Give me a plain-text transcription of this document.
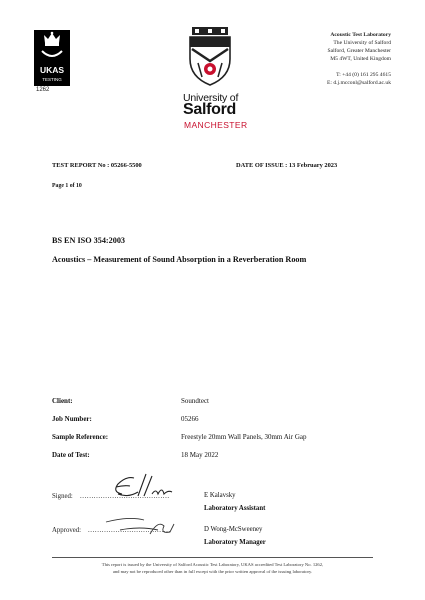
UKAS
TESTING
1262
University of
Salford
MANCHESTER
Acoustic Test Laboratory
The University of Salford
Salford, Greater Manchester
M5 4WT, United Kingdom
T: +44 (0) 161 295 4615
E: d.j.mcconl@salford.ac.uk
TEST REPORT No : 05266-5500	DATE OF ISSUE : 13 February 2023
Page 1 of 10
BS EN ISO 354:2003
Acoustics – Measurement of Sound Absorption in a Reverberation Room
Client:	Soundtect
Job Number:	05266
Sample Reference:	Freestyle 20mm Wall Panels, 30mm Air Gap
Date of Test:	18 May 2022
Signed: .......................................	E Kalavsky
Laboratory Assistant
Approved: ....................................	D Wong-McSweeney
Laboratory Manager
This report is issued by the University of Salford Acoustic Test Laboratory, UKAS accredited Test Laboratory No. 1262,
and may not be reproduced other than in full except with the prior written approval of the issuing laboratory.
